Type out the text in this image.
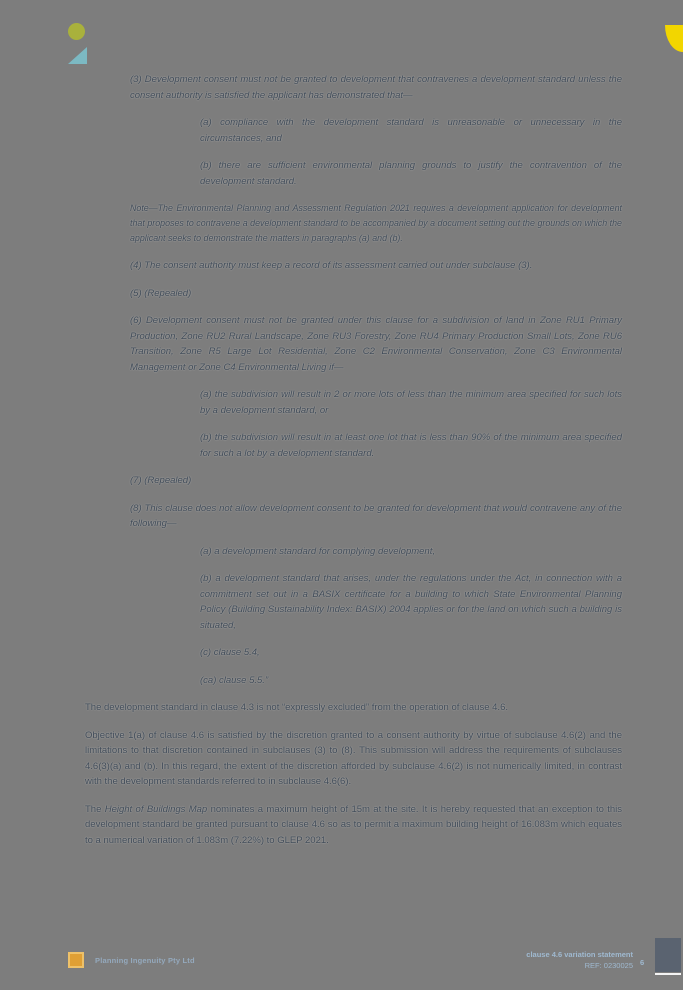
(3) Development consent must not be granted to development that contravenes a development standard unless the consent authority is satisfied the applicant has demonstrated that—

(a) compliance with the development standard is unreasonable or unnecessary in the circumstances, and

(b) there are sufficient environmental planning grounds to justify the contravention of the development standard.

Note—The Environmental Planning and Assessment Regulation 2021 requires a development application for development that proposes to contravene a development standard to be accompanied by a document setting out the grounds on which the applicant seeks to demonstrate the matters in paragraphs (a) and (b).

(4) The consent authority must keep a record of its assessment carried out under subclause (3).

(5) (Repealed)

(6) Development consent must not be granted under this clause for a subdivision of land in Zone RU1 Primary Production, Zone RU2 Rural Landscape, Zone RU3 Forestry, Zone RU4 Primary Production Small Lots, Zone RU6 Transition, Zone R5 Large Lot Residential, Zone C2 Environmental Conservation, Zone C3 Environmental Management or Zone C4 Environmental Living if—

(a) the subdivision will result in 2 or more lots of less than the minimum area specified for such lots by a development standard, or

(b) the subdivision will result in at least one lot that is less than 90% of the minimum area specified for such a lot by a development standard.

(7) (Repealed)

(8) This clause does not allow development consent to be granted for development that would contravene any of the following—

(a) a development standard for complying development,

(b) a development standard that arises, under the regulations under the Act, in connection with a commitment set out in a BASIX certificate for a building to which State Environmental Planning Policy (Building Sustainability Index: BASIX) 2004 applies or for the land on which such a building is situated,

(c) clause 5.4,

(ca) clause 5.5.”

The development standard in clause 4.3 is not “expressly excluded” from the operation of clause 4.6.

Objective 1(a) of clause 4.6 is satisfied by the discretion granted to a consent authority by virtue of subclause 4.6(2) and the limitations to that discretion contained in subclauses (3) to (8). This submission will address the requirements of subclauses 4.6(3)(a) and (b). In this regard, the extent of the discretion afforded by subclause 4.6(2) is not numerically limited, in contrast with the development standards referred to in subclause 4.6(6).

The Height of Buildings Map nominates a maximum height of 15m at the site. It is hereby requested that an exception to this development standard be granted pursuant to clause 4.6 so as to permit a maximum building height of 16.083m which equates to a numerical variation of 1.083m (7.22%) to GLEP 2021.

Planning Ingenuity Pty Ltd
clause 4.6 variation statement
REF: 0230025 6
